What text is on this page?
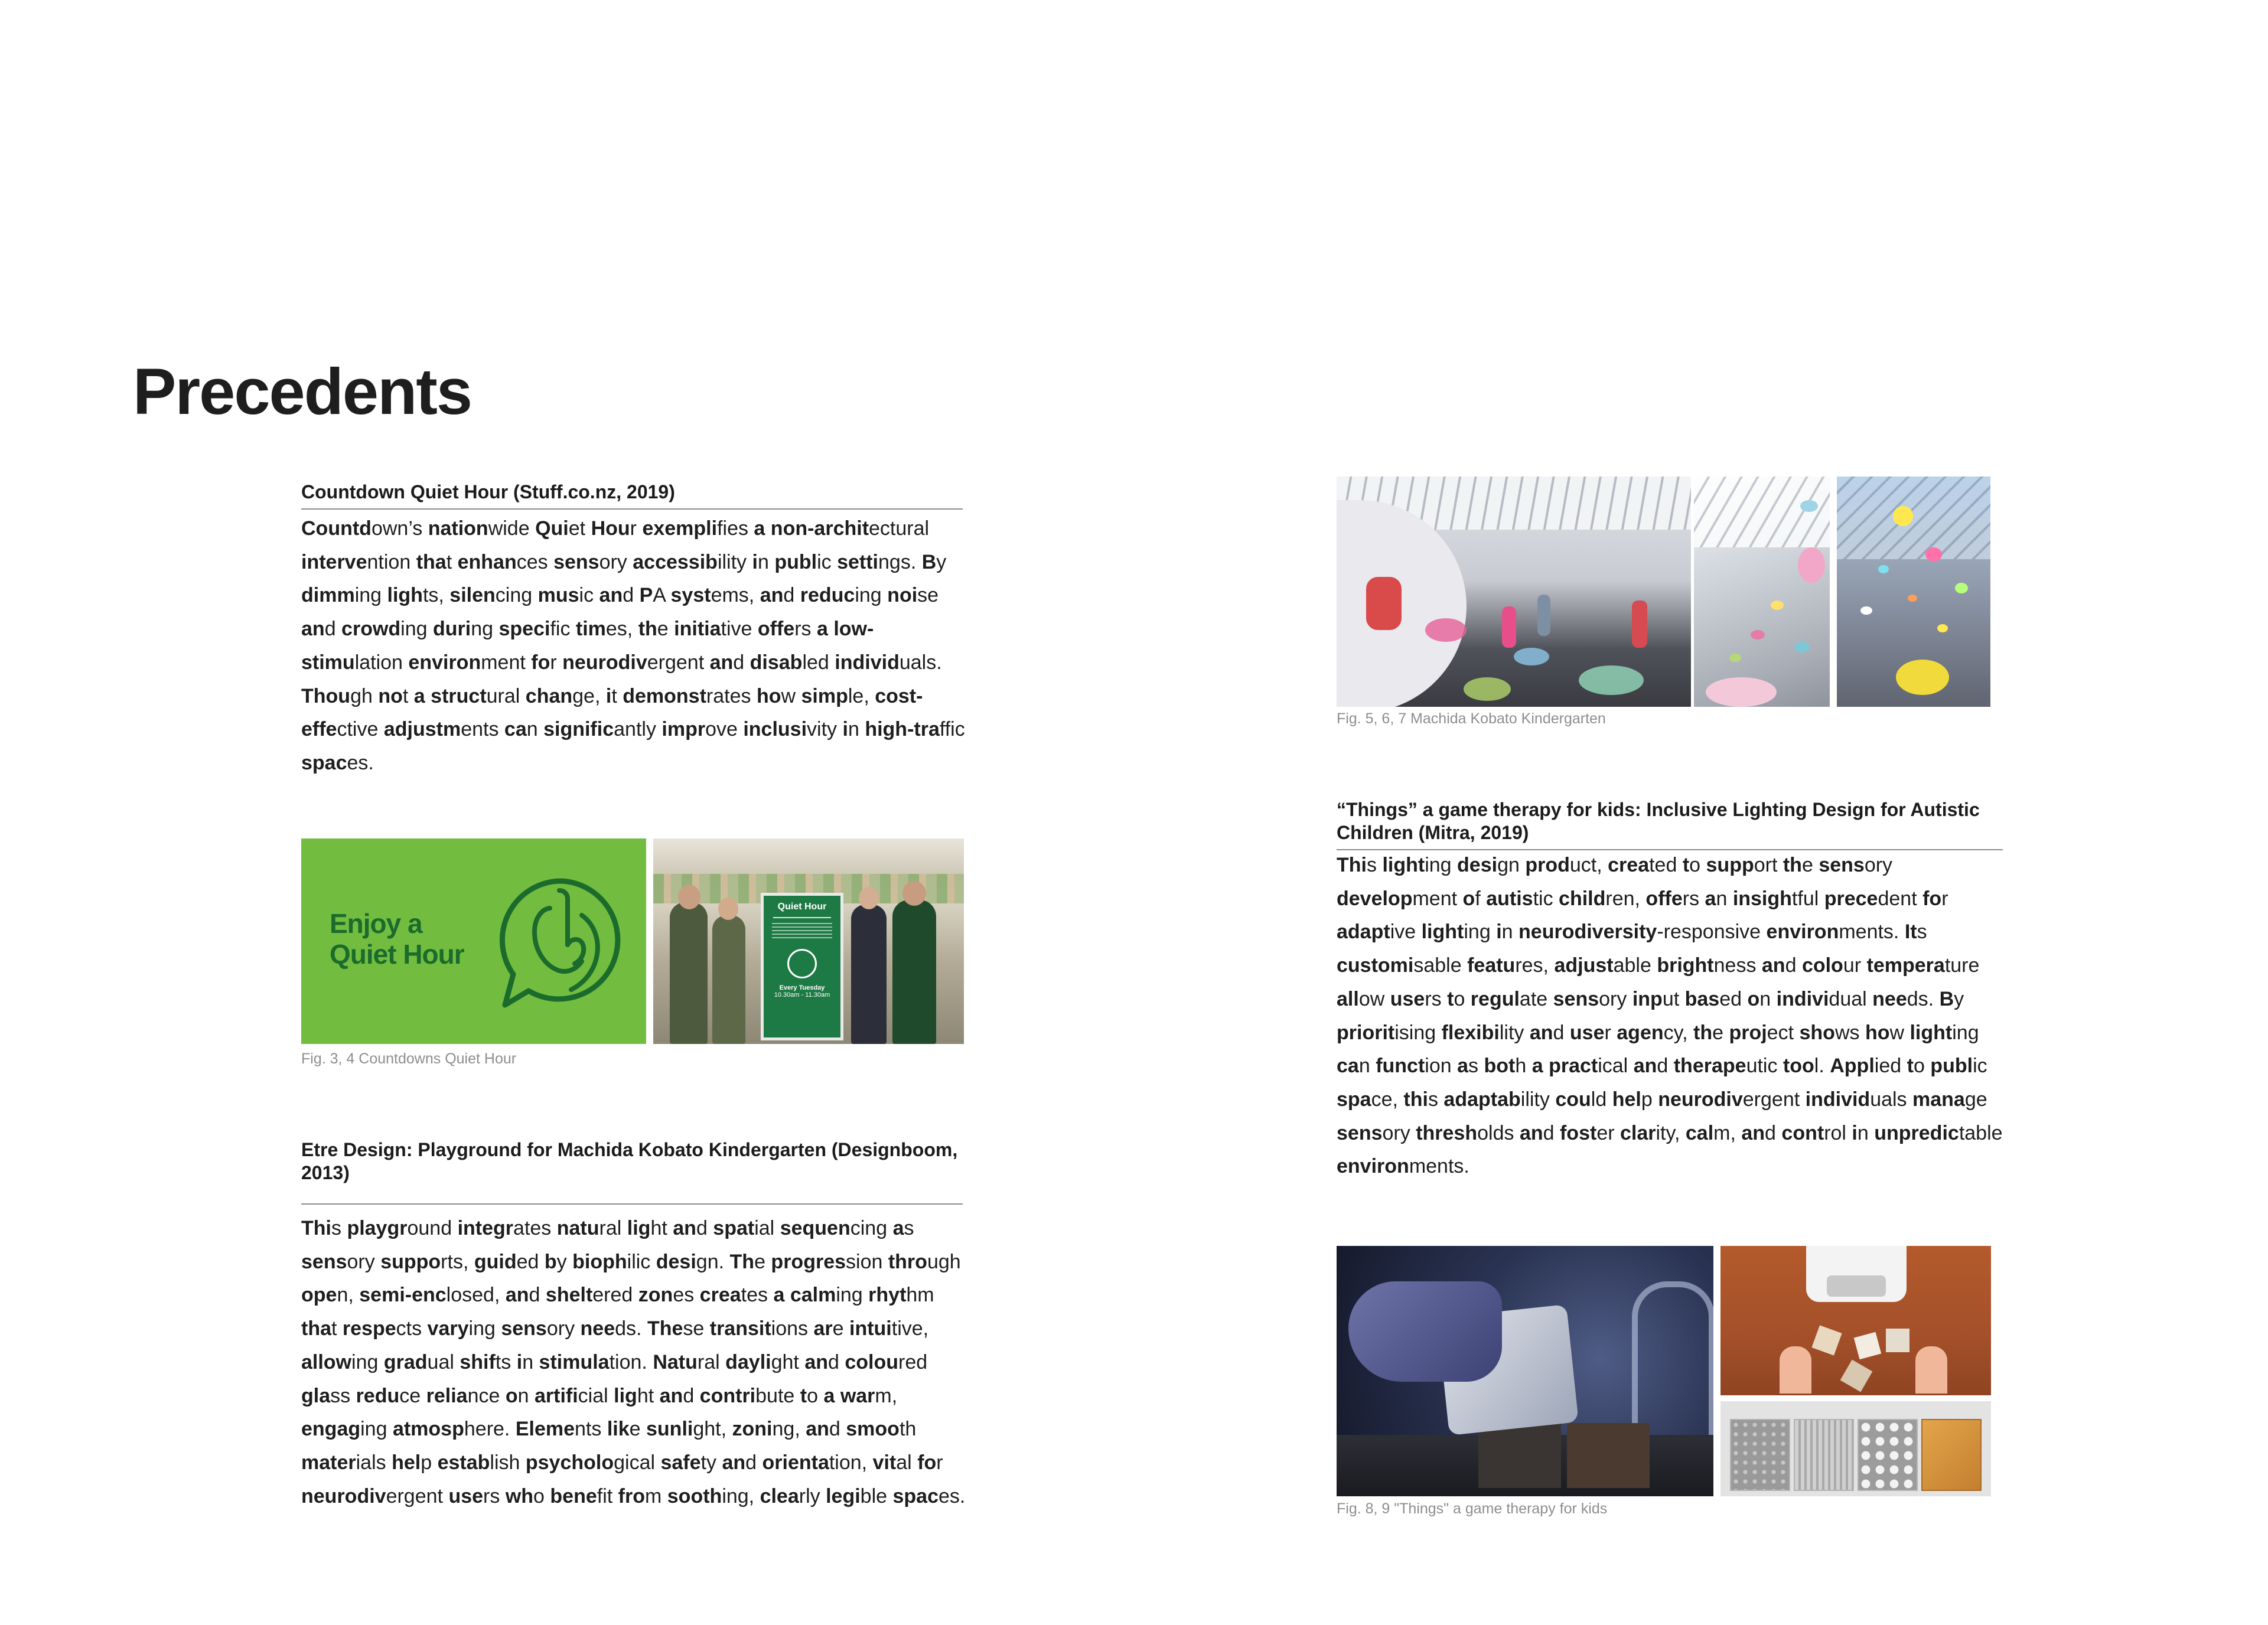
Precedents
Countdown Quiet Hour (Stuff.co.nz, 2019)
Countdown’s nationwide Quiet Hour exemplifies a non-architectural intervention that enhances sensory accessibility in public settings. By dimming lights, silencing music and PA systems, and reducing noise and crowding during specific times, the initiative offers a low-stimulation environment for neurodivergent and disabled individuals. Though not a structural change, it demonstrates how simple, cost-effective adjustments can significantly improve inclusivity in high-traffic spaces.
Enjoy a
Quiet Hour
Quiet Hour
Every Tuesday
10.30am - 11.30am
Fig. 3, 4 Countdowns Quiet Hour
Etre Design: Playground for Machida Kobato Kindergarten (Designboom, 2013)
This playground integrates natural light and spatial sequencing as sensory supports, guided by biophilic design. The progression through open, semi-enclosed, and sheltered zones creates a calming rhythm that respects varying sensory needs. These transitions are intuitive, allowing gradual shifts in stimulation. Natural daylight and coloured glass reduce reliance on artificial light and contribute to a warm, engaging atmosphere. Elements like sunlight, zoning, and smooth materials help establish psychological safety and orientation, vital for neurodivergent users who benefit from soothing, clearly legible spaces.
Fig. 5, 6, 7 Machida Kobato Kindergarten
“Things” a game therapy for kids: Inclusive Lighting Design for Autistic Children (Mitra, 2019)
This lighting design product, created to support the sensory development of autistic children, offers an insightful precedent for adaptive lighting in neurodiversity-responsive environments. Its customisable features, adjustable brightness and colour temperature allow users to regulate sensory input based on individual needs. By prioritising flexibility and user agency, the project shows how lighting can function as both a practical and therapeutic tool. Applied to public space, this adaptability could help neurodivergent individuals manage sensory thresholds and foster clarity, calm, and control in unpredictable environments.
Fig. 8, 9 "Things" a game therapy for kids
